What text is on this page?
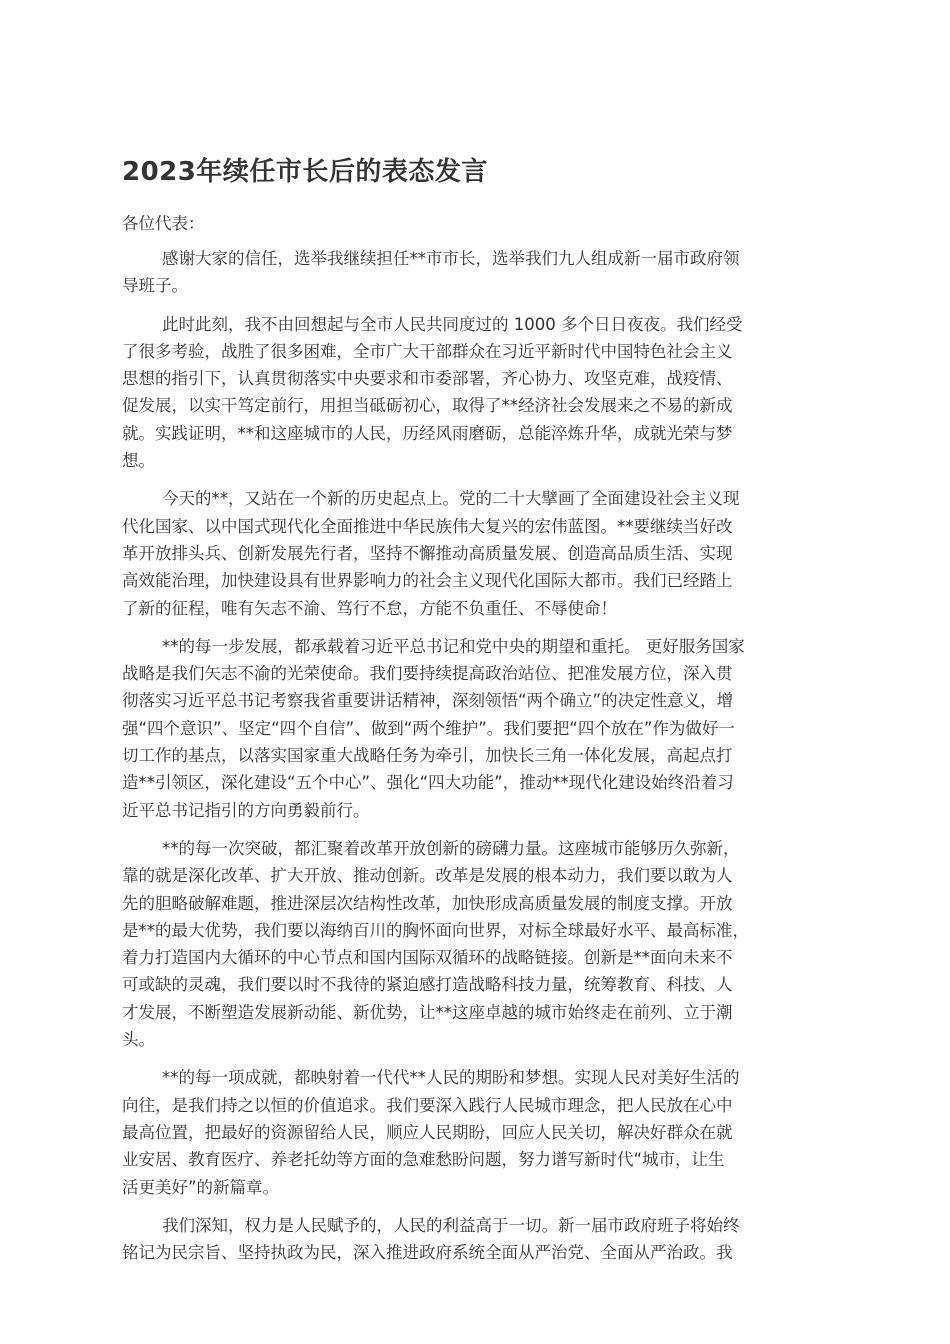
2023年续任市长后的表态发言

各位代表：

感谢大家的信任，选举我继续担任**市市长，选举我们九人组成新一届市政府领
导班子。

此时此刻，我不由回想起与全市人民共同度过的 1000 多个日日夜夜。我们经受
了很多考验，战胜了很多困难，全市广大干部群众在习近平新时代中国特色社会主义
思想的指引下，认真贯彻落实中央要求和市委部署，齐心协力、攻坚克难，战疫情、
促发展，以实干笃定前行，用担当砥砺初心，取得了**经济社会发展来之不易的新成
就。实践证明，**和这座城市的人民，历经风雨磨砺，总能淬炼升华，成就光荣与梦
想。

今天的**，又站在一个新的历史起点上。党的二十大擘画了全面建设社会主义现
代化国家、以中国式现代化全面推进中华民族伟大复兴的宏伟蓝图。**要继续当好改
革开放排头兵、创新发展先行者，坚持不懈推动高质量发展、创造高品质生活、实现
高效能治理，加快建设具有世界影响力的社会主义现代化国际大都市。我们已经踏上
了新的征程，唯有矢志不渝、笃行不怠，方能不负重任、不辱使命！

**的每一步发展，都承载着习近平总书记和党中央的期望和重托。 更好服务国家
战略是我们矢志不渝的光荣使命。我们要持续提高政治站位、把准发展方位，深入贯
彻落实习近平总书记考察我省重要讲话精神，深刻领悟“两个确立”的决定性意义，增
强“四个意识”、坚定“四个自信”、做到“两个维护”。我们要把“四个放在”作为做好一
切工作的基点，以落实国家重大战略任务为牵引，加快长三角一体化发展，高起点打
造**引领区，深化建设“五个中心”、强化“四大功能”，推动**现代化建设始终沿着习
近平总书记指引的方向勇毅前行。

**的每一次突破，都汇聚着改革开放创新的磅礴力量。这座城市能够历久弥新，
靠的就是深化改革、扩大开放、推动创新。改革是发展的根本动力，我们要以敢为人
先的胆略破解难题，推进深层次结构性改革，加快形成高质量发展的制度支撑。开放
是**的最大优势，我们要以海纳百川的胸怀面向世界，对标全球最好水平、最高标准，
着力打造国内大循环的中心节点和国内国际双循环的战略链接。创新是**面向未来不
可或缺的灵魂，我们要以时不我待的紧迫感打造战略科技力量，统筹教育、科技、人
才发展，不断塑造发展新动能、新优势，让**这座卓越的城市始终走在前列、立于潮
头。

**的每一项成就，都映射着一代代**人民的期盼和梦想。实现人民对美好生活的
向往，是我们持之以恒的价值追求。我们要深入践行人民城市理念，把人民放在心中
最高位置，把最好的资源留给人民，顺应人民期盼，回应人民关切，解决好群众在就
业安居、教育医疗、养老托幼等方面的急难愁盼问题，努力谱写新时代“城市，让生
活更美好”的新篇章。

我们深知，权力是人民赋予的，人民的利益高于一切。新一届市政府班子将始终
铭记为民宗旨、坚持执政为民，深入推进政府系统全面从严治党、全面从严治政。我
